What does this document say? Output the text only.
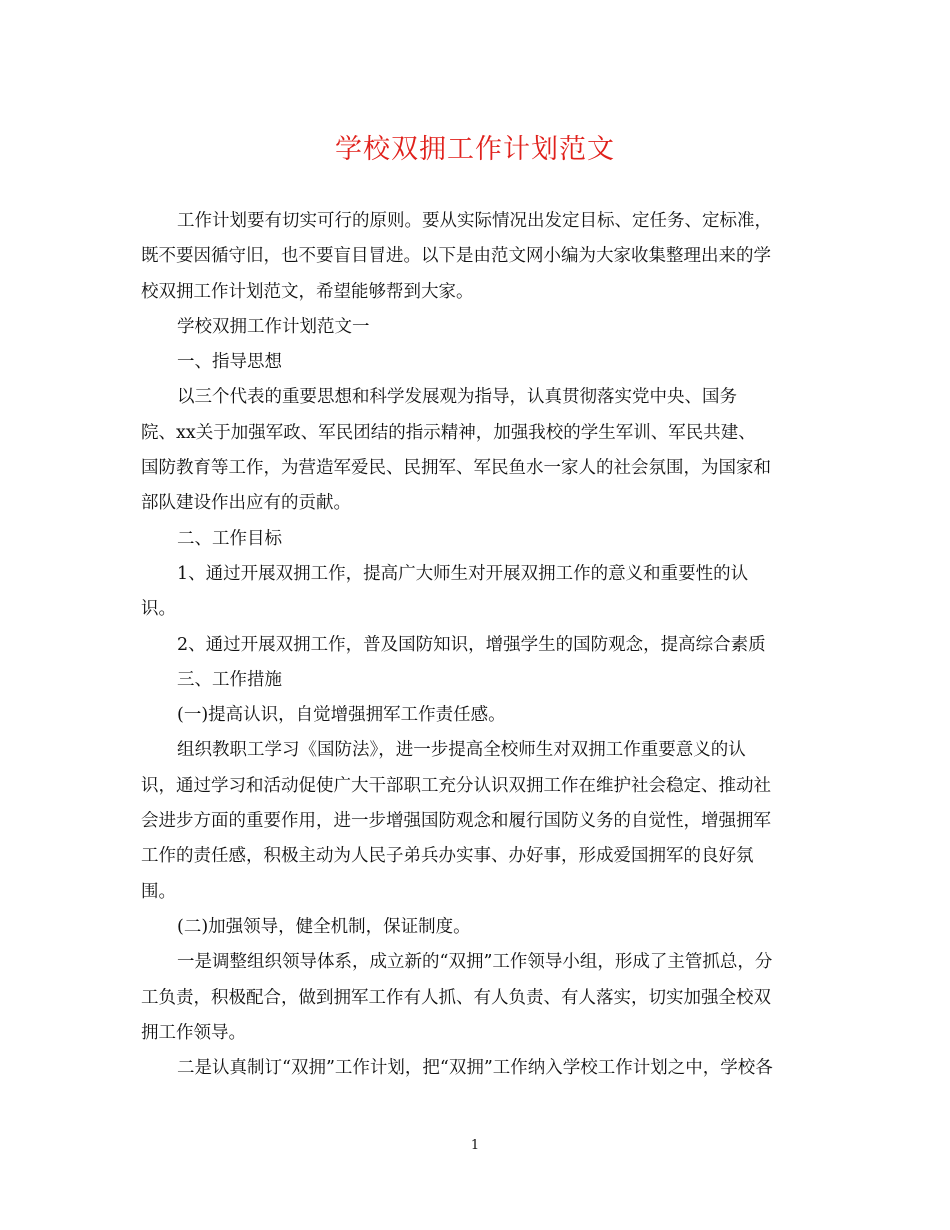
学校双拥工作计划范文
工作计划要有切实可行的原则。要从实际情况出发定目标、定任务、定标准，
既不要因循守旧，也不要盲目冒进。以下是由范文网小编为大家收集整理出来的学
校双拥工作计划范文，希望能够帮到大家。
学校双拥工作计划范文一
一、指导思想
以三个代表的重要思想和科学发展观为指导，认真贯彻落实党中央、国务
院、xx关于加强军政、军民团结的指示精神，加强我校的学生军训、军民共建、
国防教育等工作，为营造军爱民、民拥军、军民鱼水一家人的社会氛围，为国家和
部队建设作出应有的贡献。
二、工作目标
1、通过开展双拥工作，提高广大师生对开展双拥工作的意义和重要性的认
识。
2、通过开展双拥工作，普及国防知识，增强学生的国防观念，提高综合素质
三、工作措施
(一)提高认识，自觉增强拥军工作责任感。
组织教职工学习《国防法》，进一步提高全校师生对双拥工作重要意义的认
识，通过学习和活动促使广大干部职工充分认识双拥工作在维护社会稳定、推动社
会进步方面的重要作用，进一步增强国防观念和履行国防义务的自觉性，增强拥军
工作的责任感，积极主动为人民子弟兵办实事、办好事，形成爱国拥军的良好氛
围。
(二)加强领导，健全机制，保证制度。
一是调整组织领导体系，成立新的“双拥”工作领导小组，形成了主管抓总，分
工负责，积极配合，做到拥军工作有人抓、有人负责、有人落实，切实加强全校双
拥工作领导。
二是认真制订“双拥”工作计划，把“双拥”工作纳入学校工作计划之中，学校各
1
